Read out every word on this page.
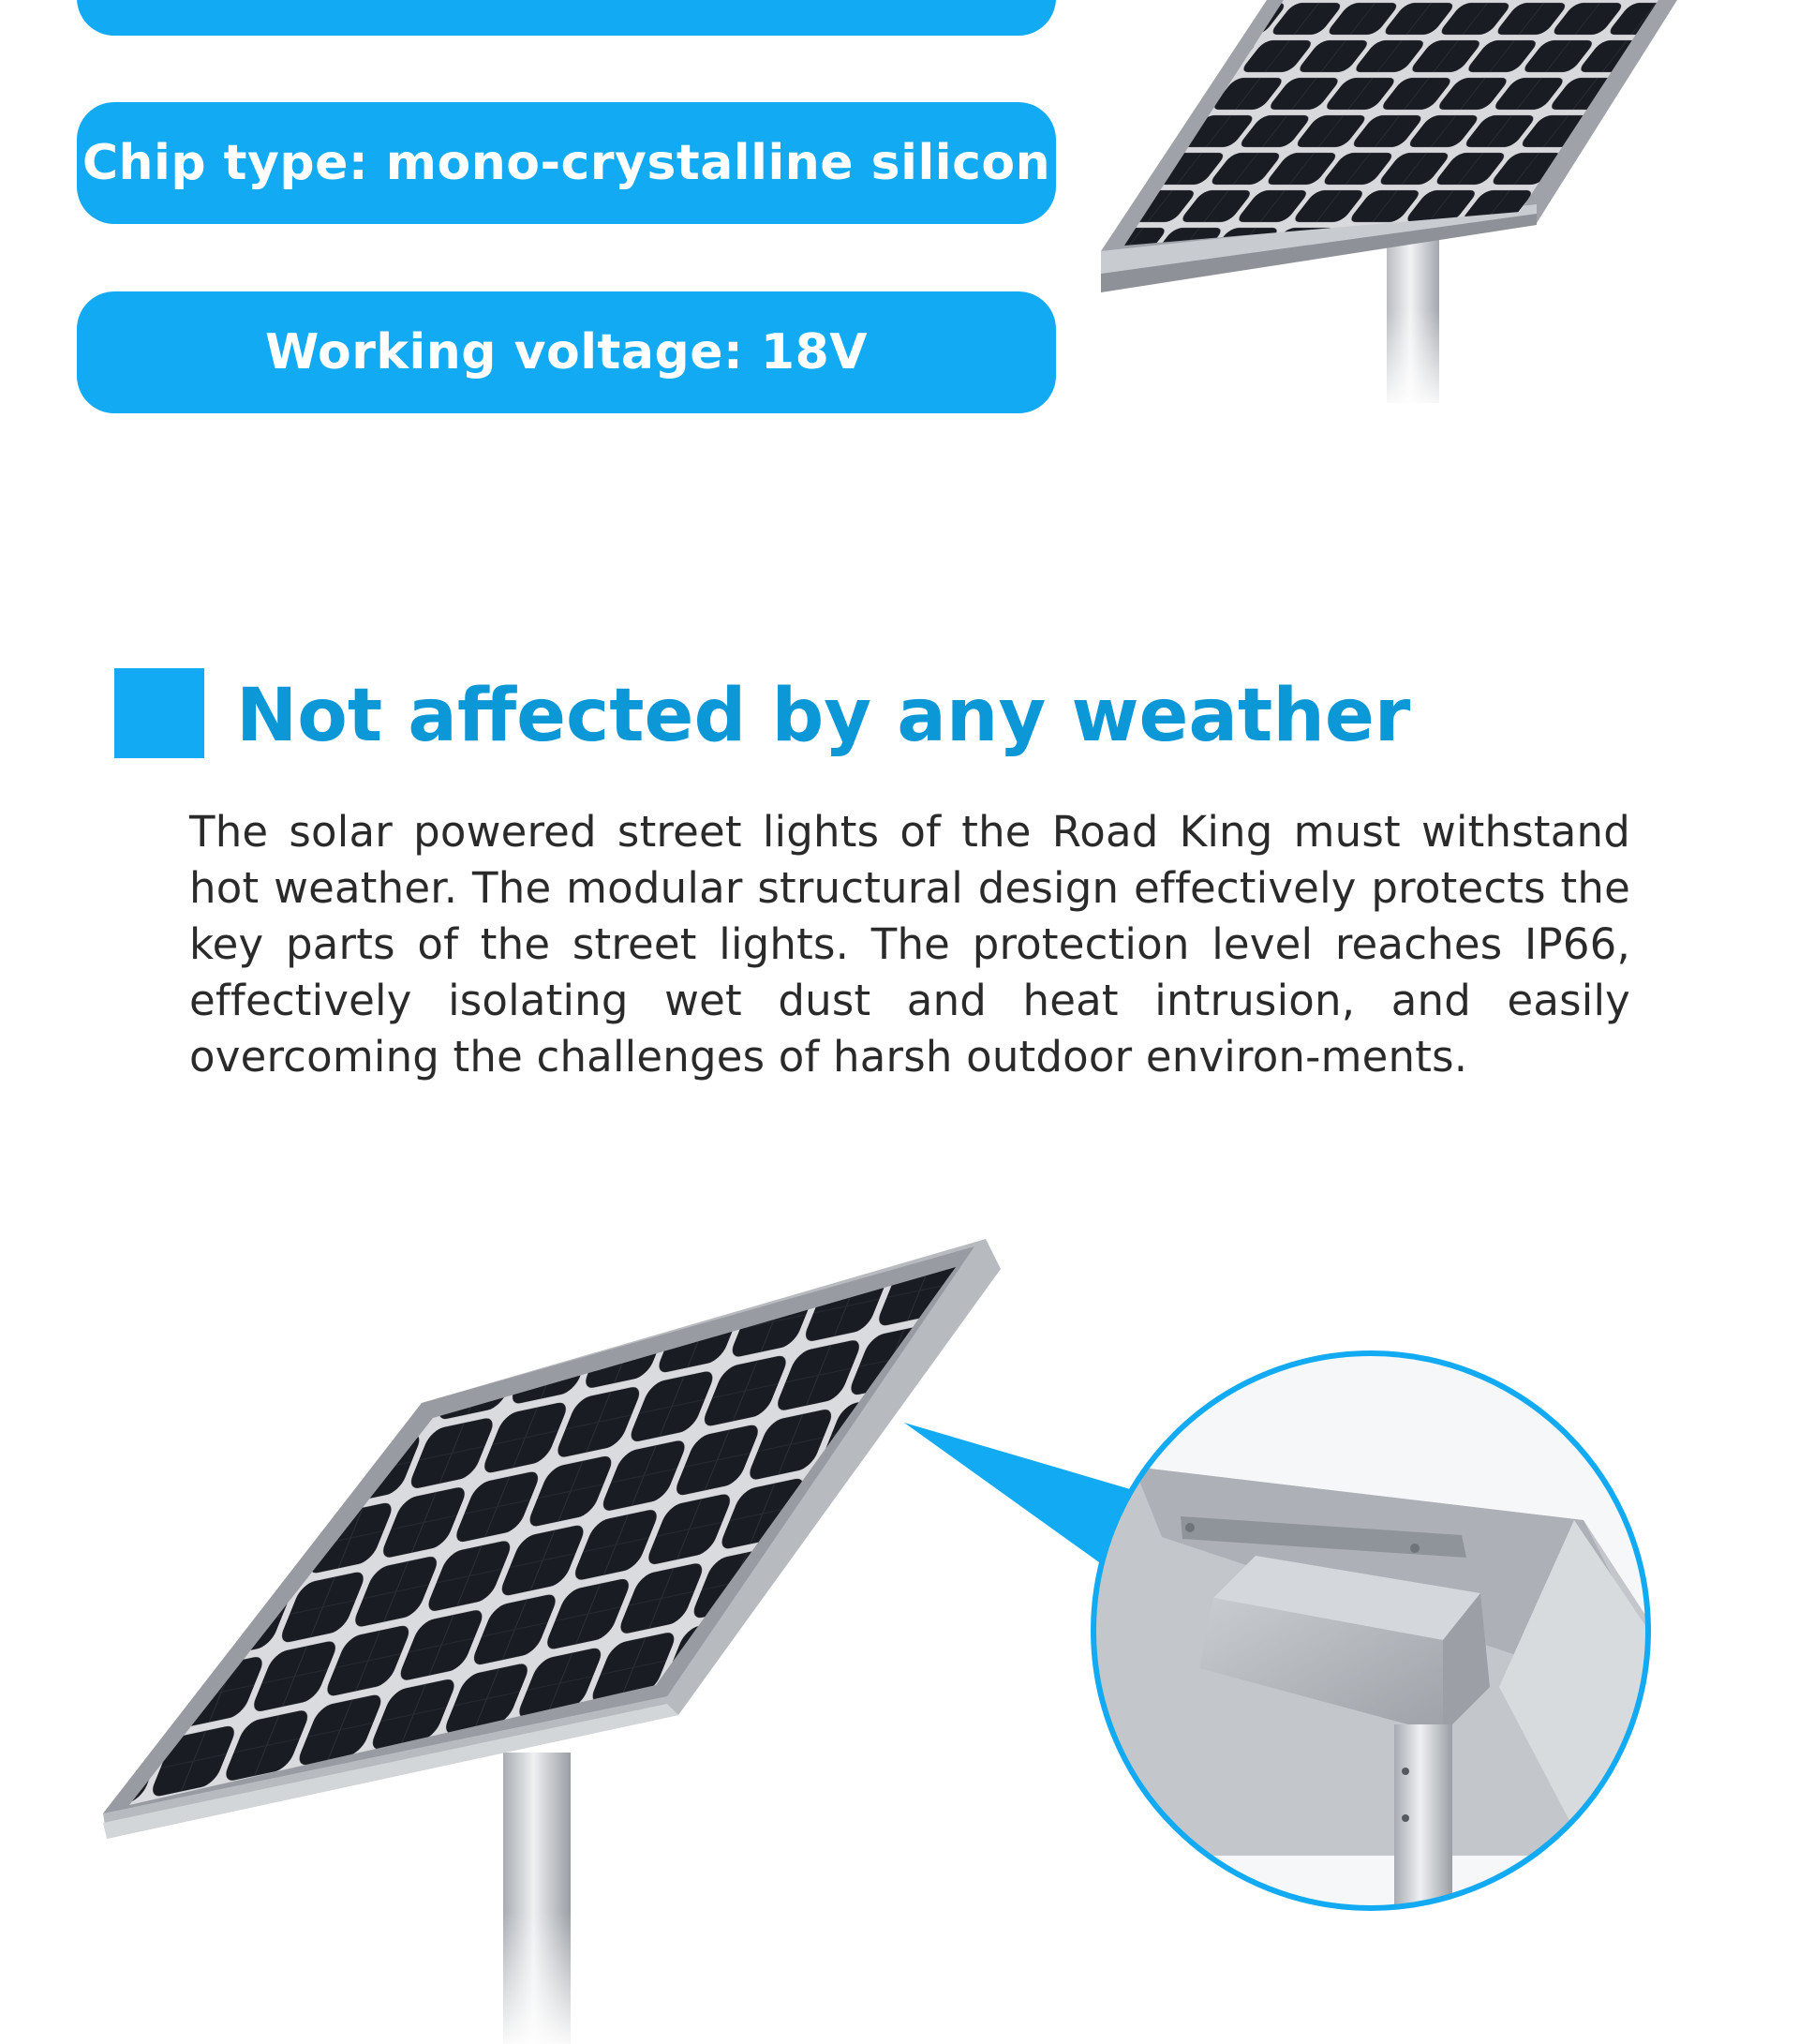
Chip type: mono-crystalline silicon
Working voltage: 18V
Not affected by any weather

The solar powered street lights of the Road King must withstand hot weather. The modular structural design effectively protects the key parts of the street lights. The protection level reaches IP66, effectively isolating wet dust and heat intrusion, and easily overcoming the challenges of harsh outdoor environ-ments.
